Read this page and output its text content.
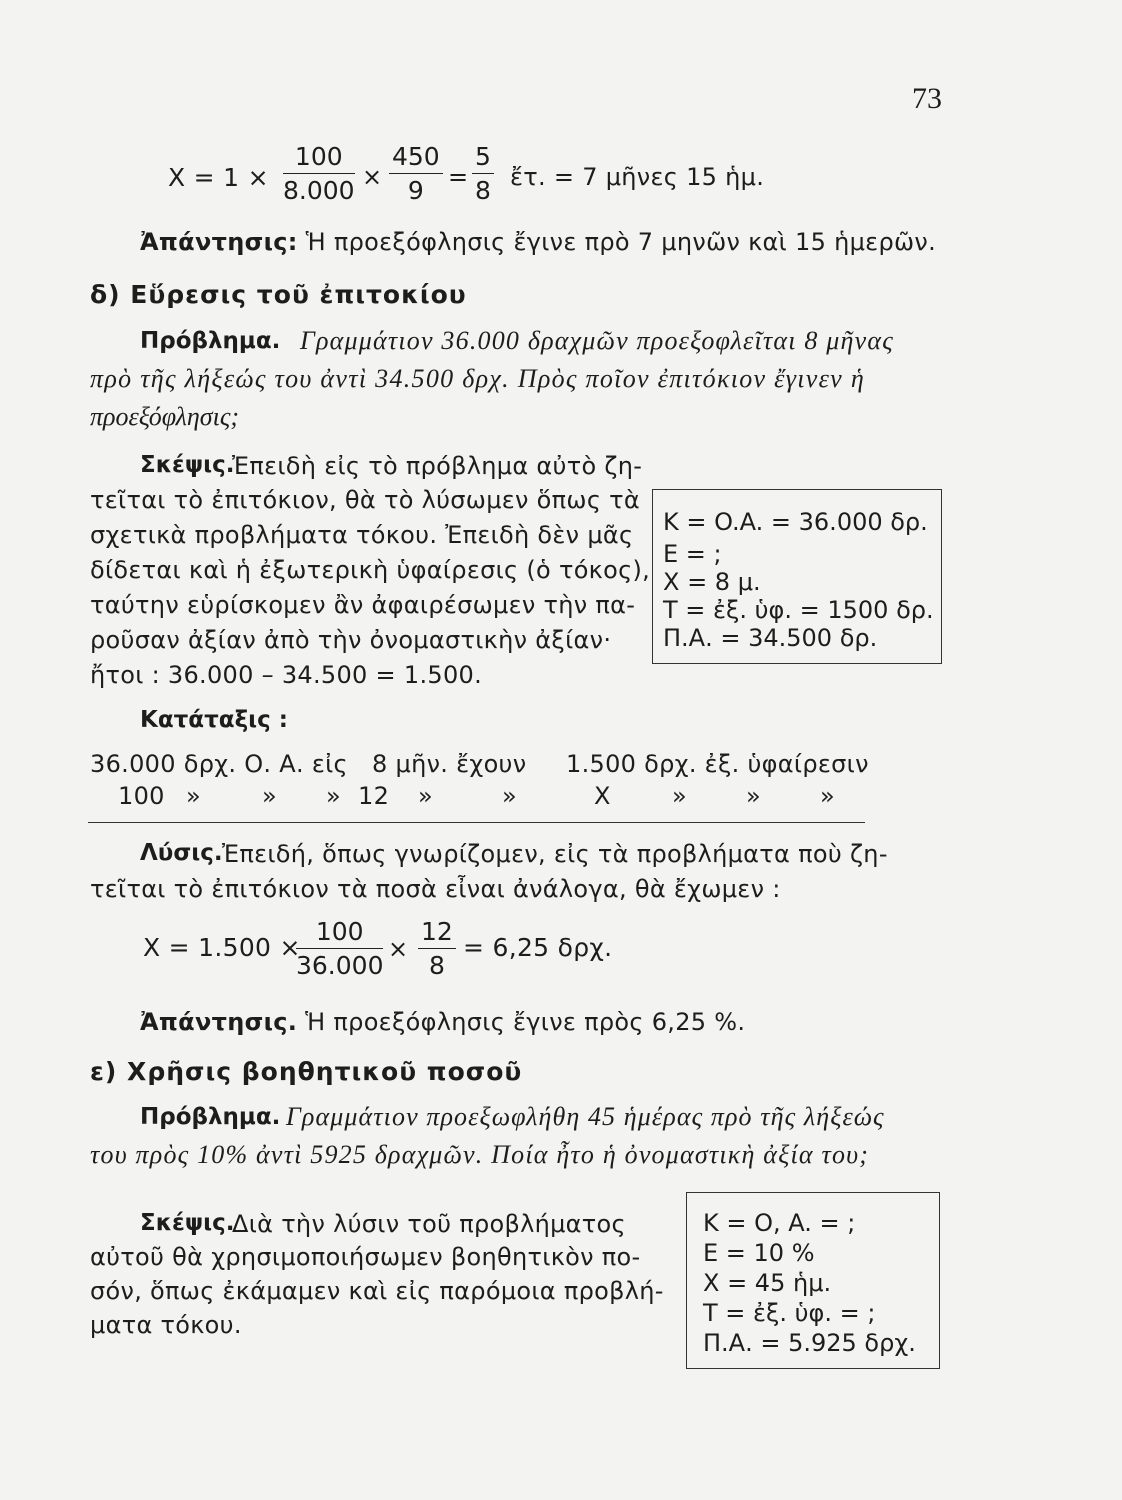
73
$X = 1 \times \frac{100}{8.000} \times \frac{450}{9} = \frac{5}{8}$ ἔτ. = 7 μῆνες 15 ἡμ.
Ἀπάντησις: Ἡ προεξόφλησις ἔγινε πρὸ 7 μηνῶν καὶ 15 ἡμερῶν.
δ) Εὕρεσις τοῦ ἐπιτοκίου
Πρόβλημα. Γραμμάτιον 36.000 δραχμῶν προεξοφλεῖται 8 μῆνας
πρὸ τῆς λήξεώς του ἀντὶ 34.500 δρχ. Πρὸς ποῖον ἐπιτόκιον ἔγινεν ἡ
προεξόφλησις;
Σκέψις.
Ἐπειδὴ εἰς τὸ πρόβλημα αὐτὸ ζη-
τεῖται τὸ ἐπιτόκιον, θὰ τὸ λύσωμεν ὅπως τὰ
σχετικὰ προβλήματα τόκου. Ἐπειδὴ δὲν μᾶς
δίδεται καὶ ἡ ἐξωτερικὴ ὑφαίρεσις (ὁ τόκος),
ταύτην εὑρίσκομεν ἂν ἀφαιρέσωμεν τὴν πα-
ροῦσαν ἀξίαν ἀπὸ τὴν ὀνομαστικὴν ἀξίαν·
ἤτοι : 36.000 – 34.500 = 1.500.
K = O.A. = 36.000 δρ.
E = ;
X = 8 μ.
T = ἐξ. ὑφ. = 1500 δρ.
Π.Α. = 34.500 δρ.
Κατάταξις :
36.000 δρχ. Ο. Α. εἰς 8 μῆν. ἔχουν 1.500 δρχ. ἐξ. ὑφαίρεσιν
100 »	» » 12 »	»	X	» » »
Λύσις. Ἐπειδή, ὅπως γνωρίζομεν, εἰς τὰ προβλήματα ποὺ ζη-
τεῖται τὸ ἐπιτόκιον τὰ ποσὰ εἶναι ἀνάλογα, θὰ ἔχωμεν :
X = 1.500 ×
$\frac{100}{36.000} \times \frac{12}{8} = 6,25$ δρχ.
Ἀπάντησις. Ἡ προεξόφλησις ἔγινε πρὸς 6,25 %.
ε) Χρῆσις βοηθητικοῦ ποσοῦ
Πρόβλημα. Γραμμάτιον προεξωφλήθη 45 ἡμέρας πρὸ τῆς λήξεώς
του πρὸς 10% ἀντὶ 5925 δραχμῶν. Ποία ἦτο ἡ ὀνομαστικὴ ἀξία του;
Σκέψις.
Διὰ τὴν λύσιν τοῦ προβλήματος
αὐτοῦ θὰ χρησιμοποιήσωμεν βοηθητικὸν πο-
σόν, ὅπως ἐκάμαμεν καὶ εἰς παρόμοια προβλή-
ματα τόκου.
K = O, A. = ;
E = 10 %
X = 45 ἡμ.
T = ἐξ. ὑφ. = ;
Π.Α. = 5.925 δρχ.
